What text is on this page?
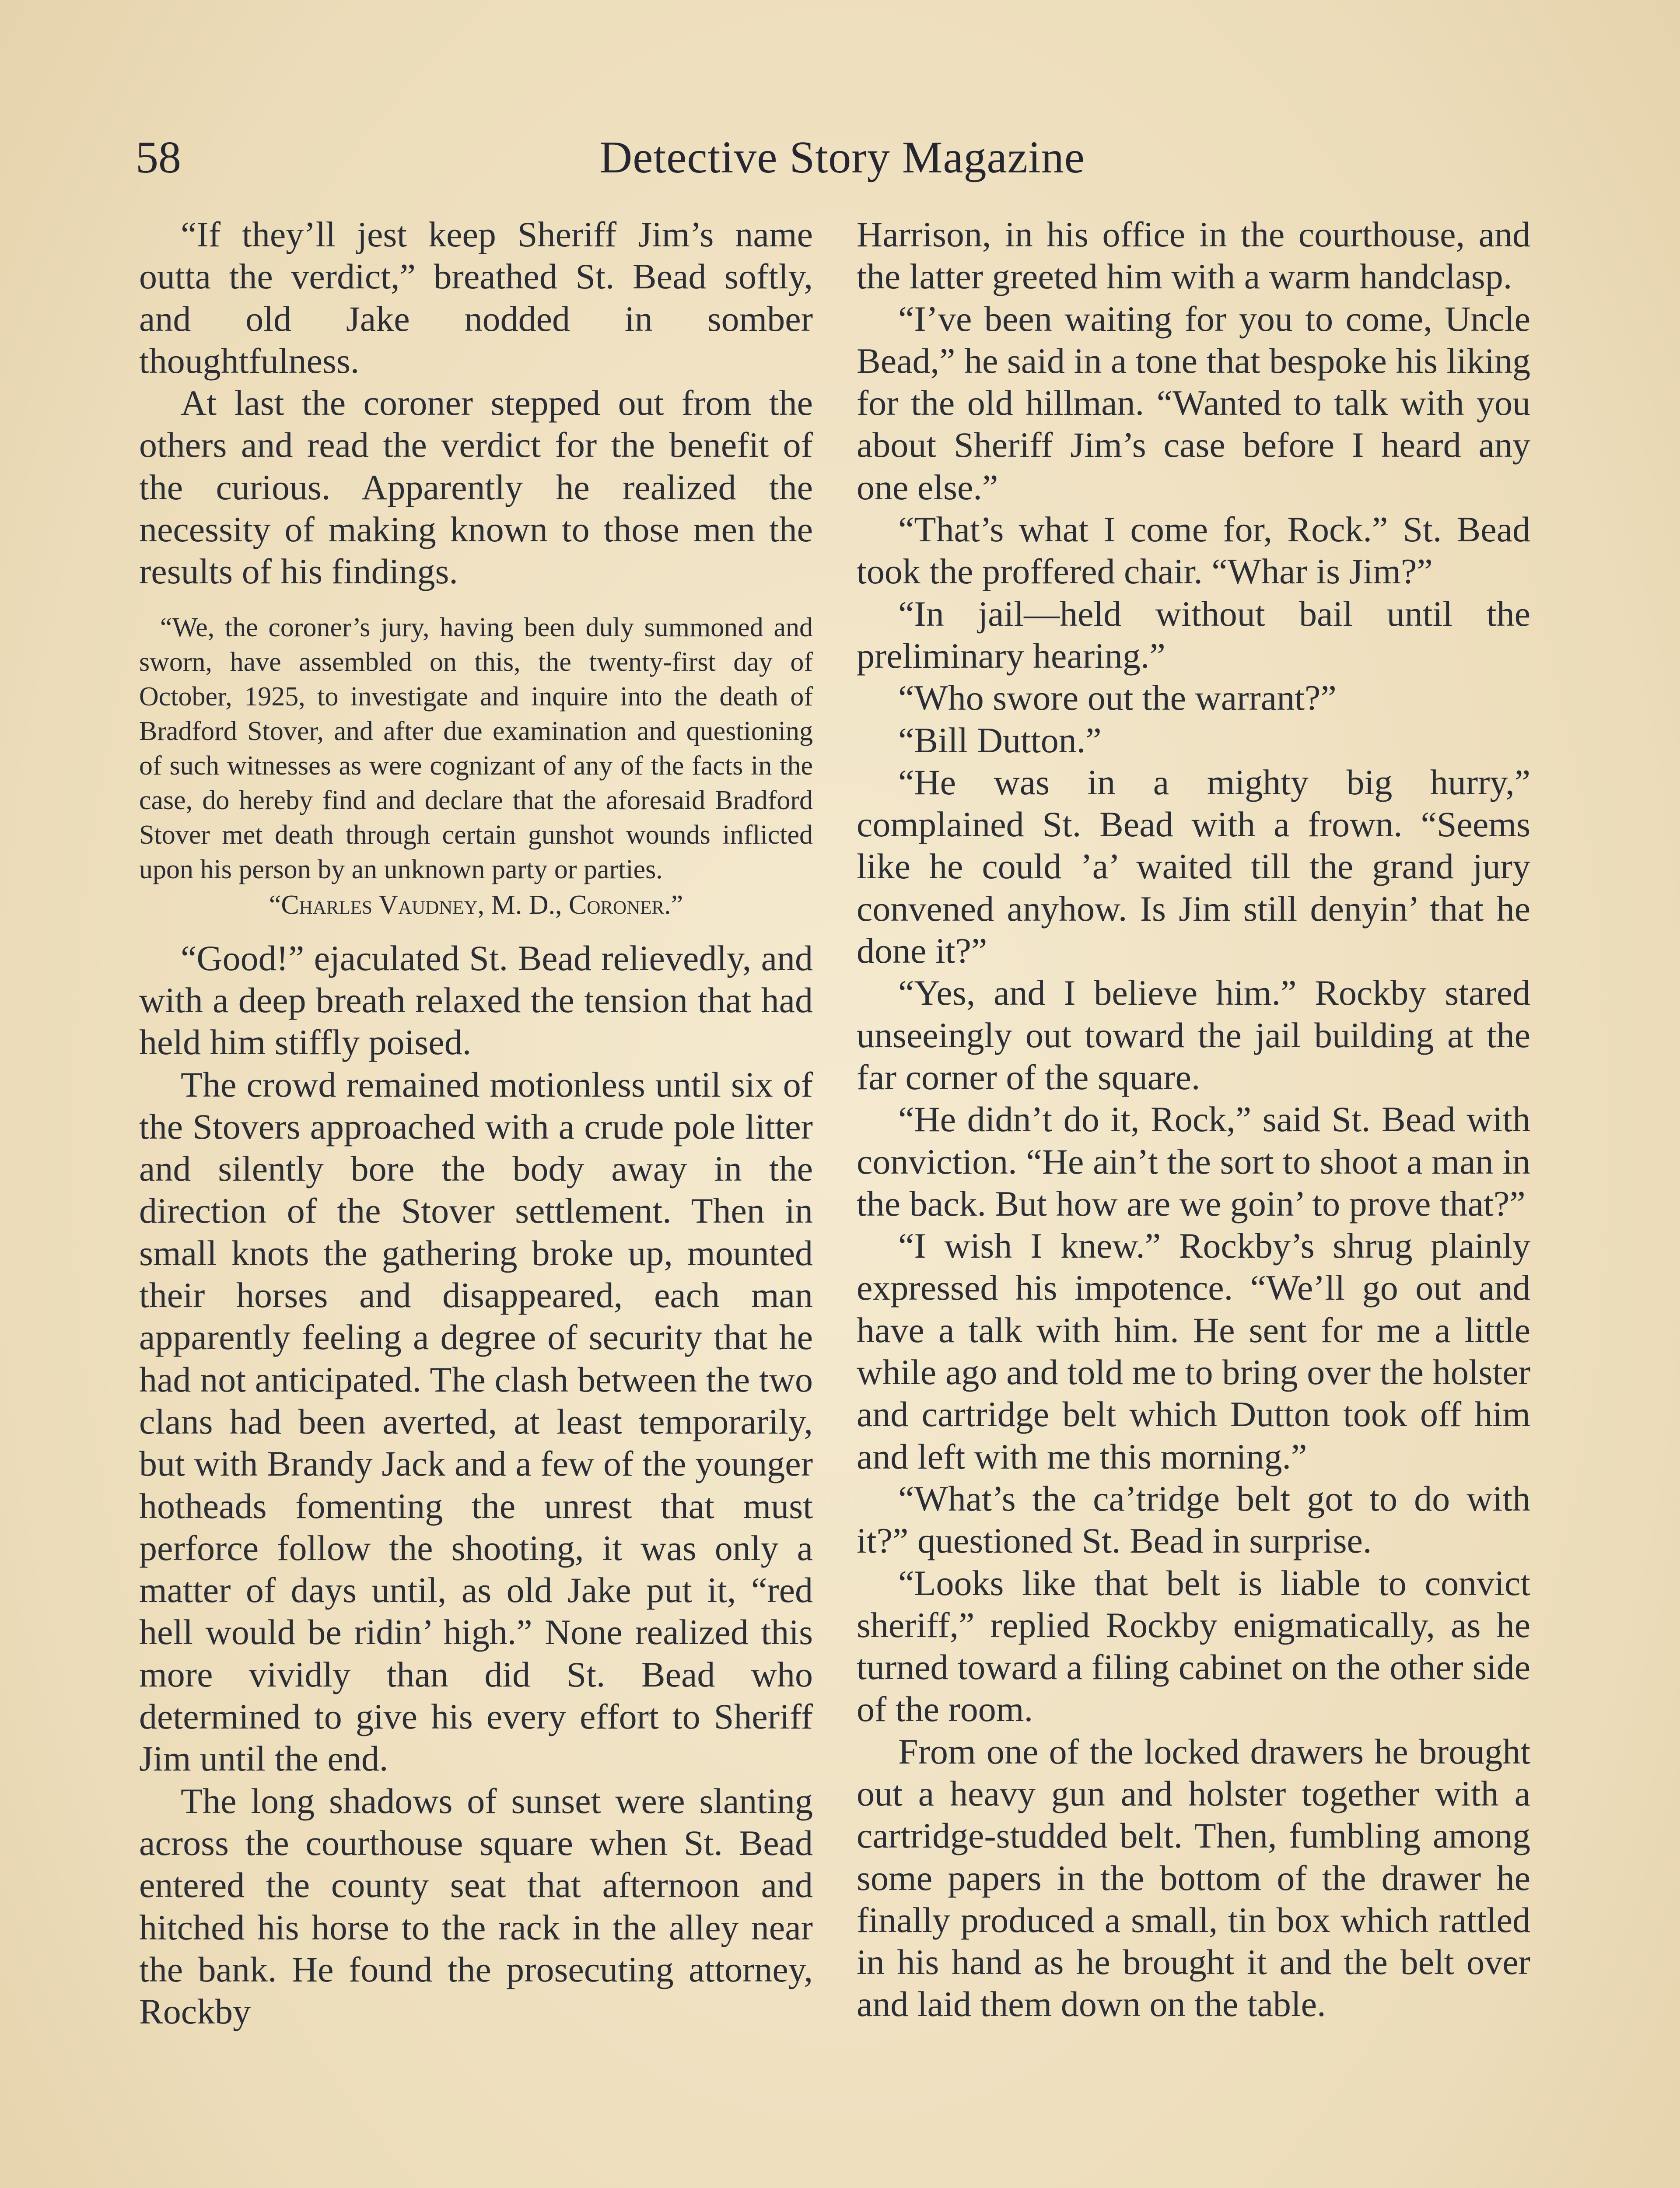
58	Detective Story Magazine

“If they’ll jest keep Sheriff Jim’s name outta the verdict,” breathed St. Bead softly, and old Jake nodded in somber thoughtfulness.

At last the coroner stepped out from the others and read the verdict for the benefit of the curious. Apparently he realized the necessity of making known to those men the results of his findings.

“We, the coroner’s jury, having been duly summoned and sworn, have assembled on this, the twenty-first day of October, 1925, to investigate and inquire into the death of Bradford Stover, and after due examination and questioning of such witnesses as were cognizant of any of the facts in the case, do hereby find and declare that the aforesaid Bradford Stover met death through certain gunshot wounds inflicted upon his person by an unknown party or parties.

“Charles Vaudney, M. D., Coroner.”

“Good!” ejaculated St. Bead relievedly, and with a deep breath relaxed the tension that had held him stiffly poised.

The crowd remained motionless until six of the Stovers approached with a crude pole litter and silently bore the body away in the direction of the Stover settlement. Then in small knots the gathering broke up, mounted their horses and disappeared, each man apparently feeling a degree of security that he had not anticipated. The clash between the two clans had been averted, at least temporarily, but with Brandy Jack and a few of the younger hotheads fomenting the unrest that must perforce follow the shooting, it was only a matter of days until, as old Jake put it, “red hell would be ridin’ high.” None realized this more vividly than did St. Bead who determined to give his every effort to Sheriff Jim until the end.

The long shadows of sunset were slanting across the courthouse square when St. Bead entered the county seat that afternoon and hitched his horse to the rack in the alley near the bank. He found the prosecuting attorney, Rockby

Harrison, in his office in the courthouse, and the latter greeted him with a warm handclasp.

“I’ve been waiting for you to come, Uncle Bead,” he said in a tone that bespoke his liking for the old hillman. “Wanted to talk with you about Sheriff Jim’s case before I heard any one else.”

“That’s what I come for, Rock.” St. Bead took the proffered chair. “Whar is Jim?”

“In jail—held without bail until the preliminary hearing.”

“Who swore out the warrant?”

“Bill Dutton.”

“He was in a mighty big hurry,” complained St. Bead with a frown. “Seems like he could ’a’ waited till the grand jury convened anyhow. Is Jim still denyin’ that he done it?”

“Yes, and I believe him.” Rockby stared unseeingly out toward the jail building at the far corner of the square.

“He didn’t do it, Rock,” said St. Bead with conviction. “He ain’t the sort to shoot a man in the back. But how are we goin’ to prove that?”

“I wish I knew.” Rockby’s shrug plainly expressed his impotence. “We’ll go out and have a talk with him. He sent for me a little while ago and told me to bring over the holster and cartridge belt which Dutton took off him and left with me this morning.”

“What’s the ca’tridge belt got to do with it?” questioned St. Bead in surprise.

“Looks like that belt is liable to convict sheriff,” replied Rockby enigmatically, as he turned toward a filing cabinet on the other side of the room.

From one of the locked drawers he brought out a heavy gun and holster together with a cartridge-studded belt. Then, fumbling among some papers in the bottom of the drawer he finally produced a small, tin box which rattled in his hand as he brought it and the belt over and laid them down on the table.
